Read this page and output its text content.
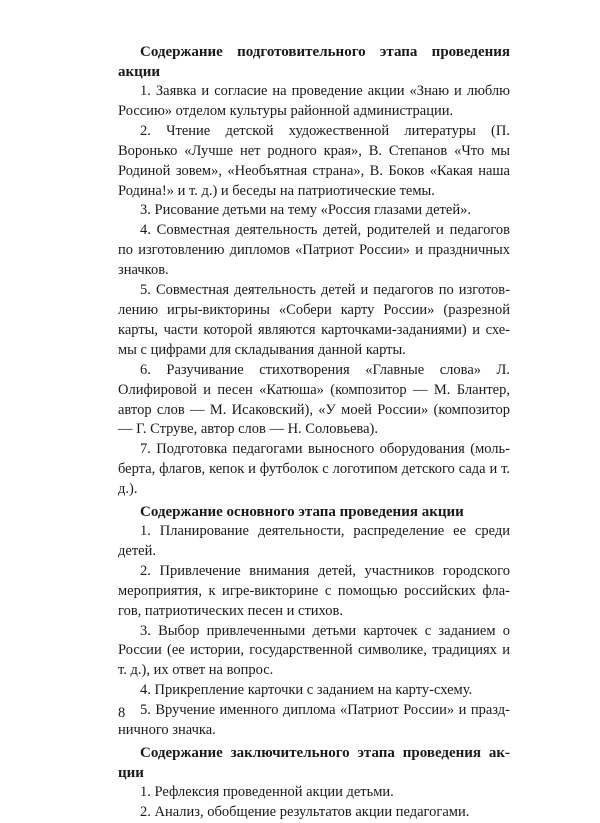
Содержание подготовительного этапа проведения акции

1. Заявка и согласие на проведение акции «Знаю и люблю Россию» отделом культуры районной администрации.

2. Чтение детской художественной литературы (П. Воронько «Лучше нет родного края», В. Степанов «Что мы Родиной зовем», «Необъятная страна», В. Боков «Какая наша Родина!» и т. д.) и беседы на патриотические темы.

3. Рисование детьми на тему «Россия глазами детей».

4. Совместная деятельность детей, родителей и педагогов по изготовлению дипломов «Патриот России» и праздничных значков.

5. Совместная деятельность детей и педагогов по изготовлению игры-викторины «Собери карту России» (разрезной карты, части которой являются карточками-заданиями) и схемы с цифрами для складывания данной карты.

6. Разучивание стихотворения «Главные слова» Л. Олифировой и песен «Катюша» (композитор — М. Блантер, автор слов — М. Исаковский), «У моей России» (композитор — Г. Струве, автор слов — Н. Соловьева).

7. Подготовка педагогами выносного оборудования (мольберта, флагов, кепок и футболок с логотипом детского сада и т. д.).

Содержание основного этапа проведения акции

1. Планирование деятельности, распределение ее среди детей.

2. Привлечение внимания детей, участников городского мероприятия, к игре-викторине с помощью российских флагов, патриотических песен и стихов.

3. Выбор привлеченными детьми карточек с заданием о России (ее истории, государственной символике, традициях и т. д.), их ответ на вопрос.

4. Прикрепление карточки с заданием на карту-схему.

5. Вручение именного диплома «Патриот России» и праздничного значка.

Содержание заключительного этапа проведения акции

1. Рефлексия проведенной акции детьми.

2. Анализ, обобщение результатов акции педагогами.

8
